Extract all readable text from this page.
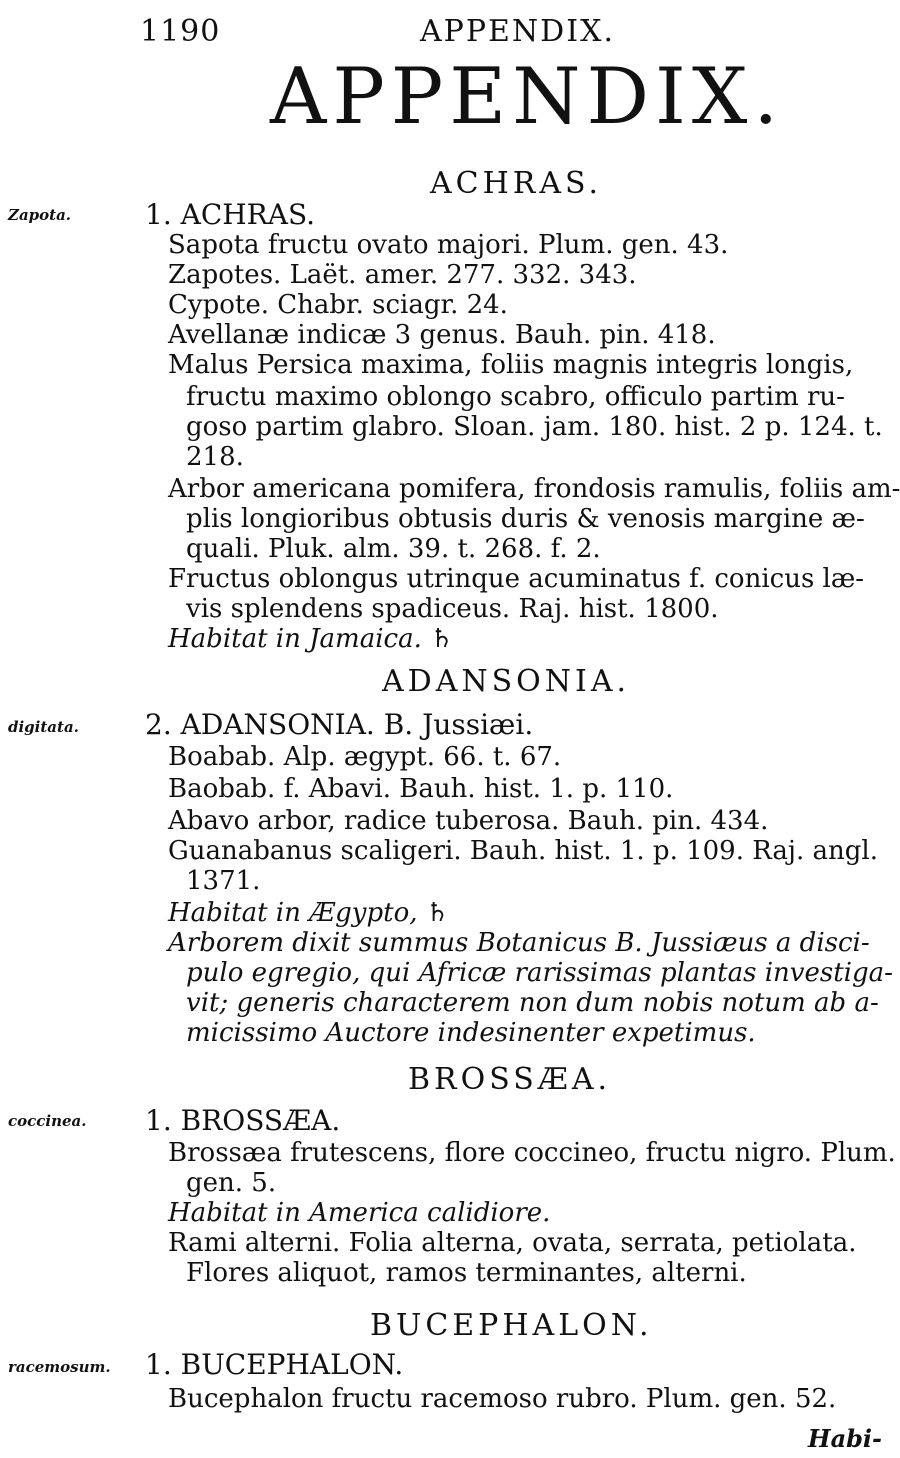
1190	APPENDIX.
APPENDIX.
ACHRAS.
Zapota.	1. ACHRAS.
Sapota fructu ovato majori. Plum. gen. 43.
Zapotes. Laët. amer. 277. 332. 343.
Cypote. Chabr. sciagr. 24.
Avellanæ indicæ 3 genus. Bauh. pin. 418.
Malus Persica maxima, foliis magnis integris longis,
fructu maximo oblongo scabro, officulo partim ru-
goso partim glabro. Sloan. jam. 180. hist. 2 p. 124. t.
218.
Arbor americana pomifera, frondosis ramulis, foliis am-
plis longioribus obtusis duris & venosis margine æ-
quali. Pluk. alm. 39. t. 268. f. 2.
Fructus oblongus utrinque acuminatus f. conicus læ-
vis splendens spadiceus. Raj. hist. 1800.
Habitat in Jamaica. ♄
ADANSONIA.
digitata. 2. ADANSONIA. B. Jussiæi.
Boabab. Alp. ægypt. 66. t. 67.
Baobab. f. Abavi. Bauh. hist. 1. p. 110.
Abavo arbor, radice tuberosa. Bauh. pin. 434.
Guanabanus scaligeri. Bauh. hist. 1. p. 109. Raj. angl.
1371.
Habitat in Ægypto, ♄
Arborem dixit summus Botanicus B. Jussiæus a disci-
pulo egregio, qui Africæ rarissimas plantas investiga-
vit; generis characterem non dum nobis notum ab a-
micissimo Auctore indesinenter expetimus.
BROSSÆA.
coccinea. 1. BROSSÆA.
Brossæa frutescens, flore coccineo, fructu nigro. Plum.
gen. 5.
Habitat in America calidiore.
Rami alterni. Folia alterna, ovata, serrata, petiolata.
Flores aliquot, ramos terminantes, alterni.
BUCEPHALON.
racemosum. 1. BUCEPHALON.
Bucephalon fructu racemoso rubro. Plum. gen. 52.
Habi-
